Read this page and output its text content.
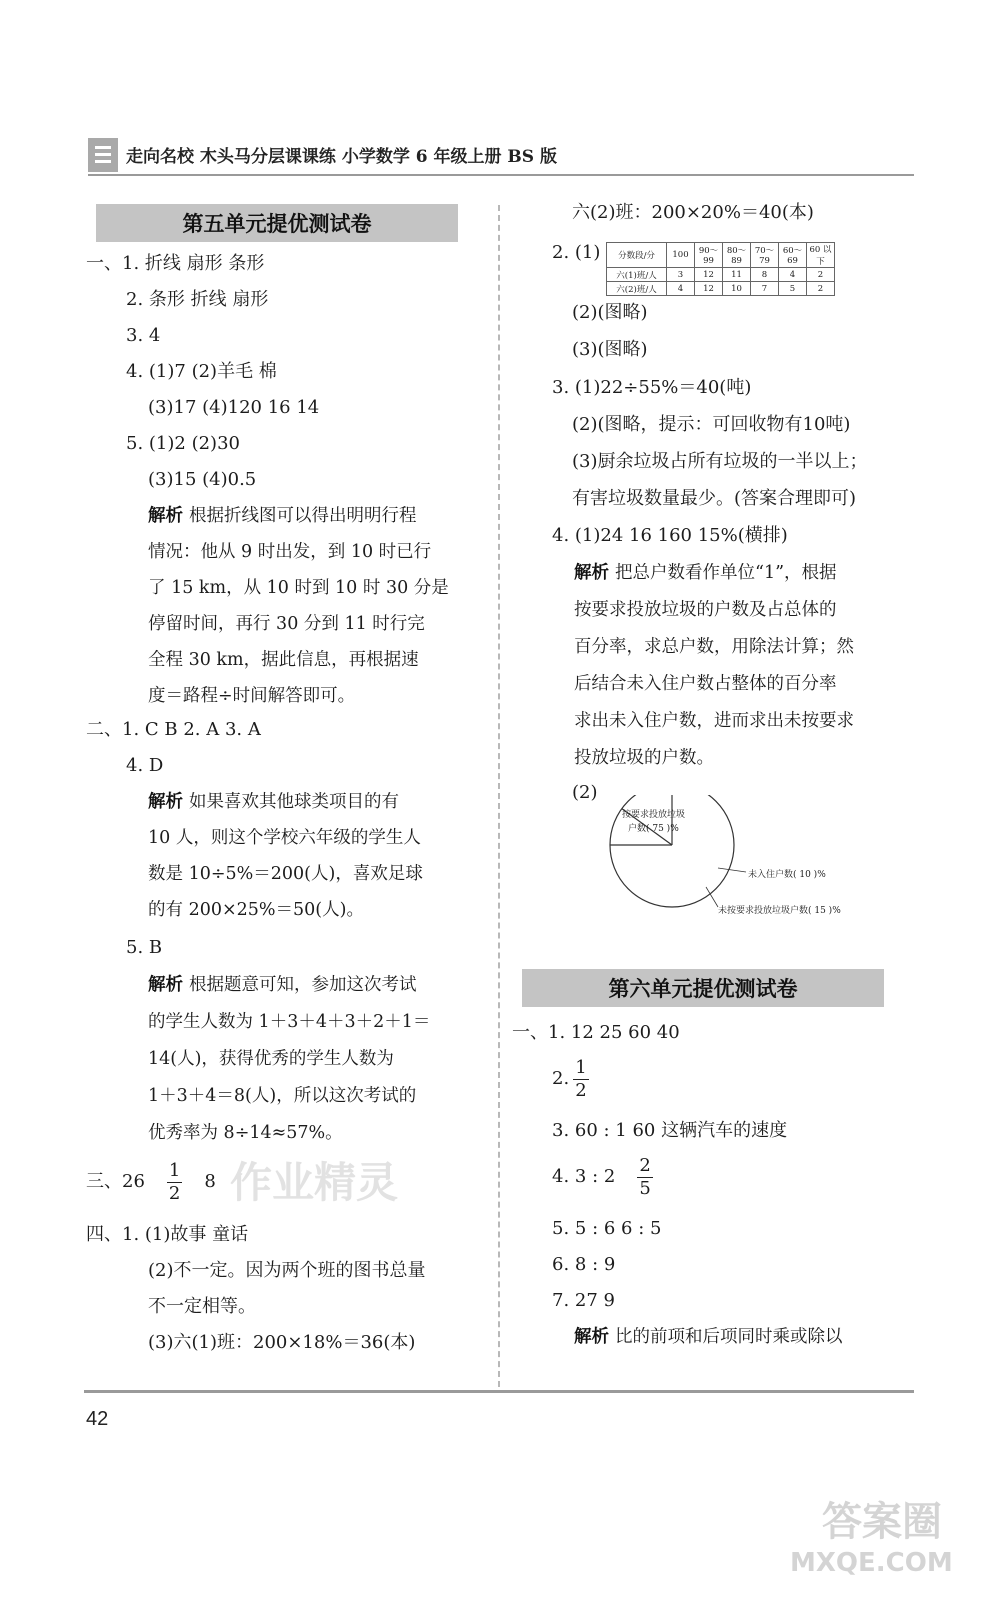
走向名校 木头马分层课课练 小学数学 6 年级上册 BS 版
第五单元提优测试卷
一、1. 折线 扇形 条形
2. 条形 折线 扇形
3. 4
4. (1)7 (2)羊毛 棉
(3)17 (4)120 16 14
5. (1)2 (2)30
(3)15 (4)0.5
解析 根据折线图可以得出明明行程
情况：他从 9 时出发，到 10 时已行
了 15 km，从 10 时到 10 时 30 分是
停留时间，再行 30 分到 11 时行完
全程 30 km，据此信息，再根据速
度＝路程÷时间解答即可。
二、1. C B 2. A 3. A
4. D
解析 如果喜欢其他球类项目的有
10 人，则这个学校六年级的学生人
数是 10÷5%＝200(人)，喜欢足球
的有 200×25%＝50(人)。
5. B
解析 根据题意可知，参加这次考试
的学生人数为 1＋3＋4＋3＋2＋1＝
14(人)，获得优秀的学生人数为
1＋3＋4＝8(人)，所以这次考试的
优秀率为 8÷14≈57%。
三、$26 \frac{1}{2} 8$
四、1. (1)故事 童话
(2)不一定。因为两个班的图书总量
不一定相等。
(3)六(1)班：200×18%＝36(本)
六(2)班：200×20%＝40(本)
2. (1) 分数段/分	100	90～99	80～89	70～79	60～69	60 以下
六(1)班/人	3	12	11	8	4	2
六(2)班/人	4	12	10	7	5	2
(2)(图略)
(3)(图略)
3. (1)22÷55%＝40(吨)
(2)(图略，提示：可回收物有10吨)
(3)厨余垃圾占所有垃圾的一半以上；
有害垃圾数量最少。(答案合理即可)
4. (1)24 16 160 15%(横排)
解析 把总户数看作单位“1”，根据
按要求投放垃圾的户数及占总体的
百分率，求总户数，用除法计算；然
后结合未入住户数占整体的百分率
求出未入住户数，进而求出未按要求
投放垃圾的户数。
(2)
按要求投放垃圾
户数( 75 )%
未入住户数( 10 )%
未按要求投放垃圾户数( 15 )%
第六单元提优测试卷
一、1. 12 25 60 40
2. $\frac{1}{2}$
3. 60 : 1 60 这辆汽车的速度
4. 3 : $2 \frac{2}{5}$
5. 5 : 6 6 : 5
6. 8 : 9
7. 27 9
解析 比的前项和后项同时乘或除以
42
作业精灵
答案圈
MXQE.COM
